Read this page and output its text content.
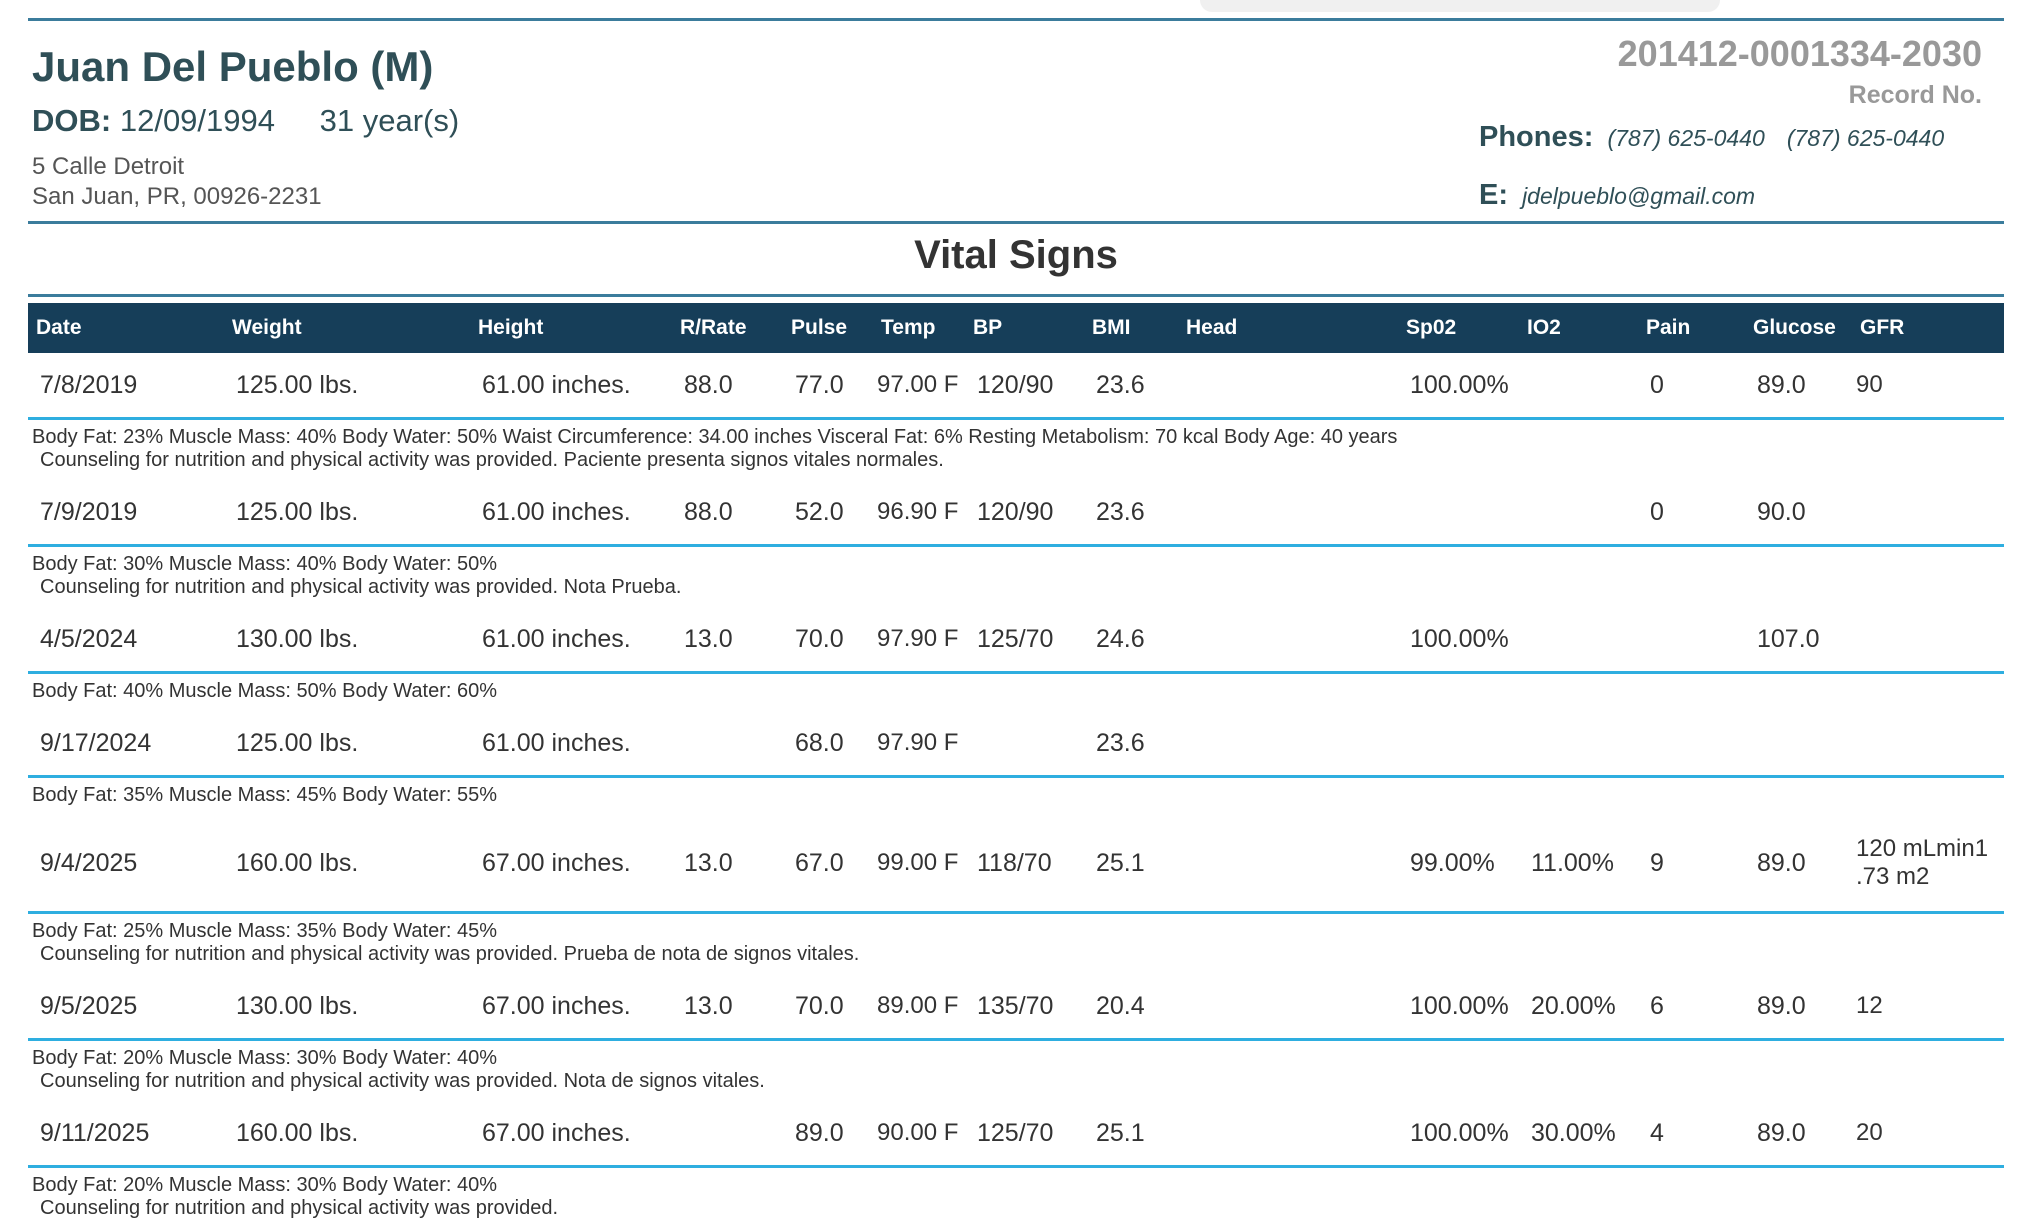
Juan Del Pueblo (M)
DOB: 12/09/1994 31 year(s)
5 Calle Detroit
San Juan, PR, 00926-2231
201412-0001334-2030
Record No.
Phones: (787) 625-0440 (787) 625-0440
E: jdelpueblo@gmail.com
Vital Signs
Date	Weight	Height	R/Rate	Pulse	Temp	BP	BMI	Head	Sp02	IO2	Pain	Glucose	GFR
7/8/2019	125.00 lbs.	61.00 inches.	88.0	77.0	97.00 F	120/90	23.6		100.00%		0	89.0	90

Body Fat: 23% Muscle Mass: 40% Body Water: 50% Waist Circumference: 34.00 inches Visceral Fat: 6% Resting Metabolism: 70 kcal Body Age: 40 years
Counseling for nutrition and physical activity was provided. Paciente presenta signos vitales normales.													

7/9/2019	125.00 lbs.	61.00 inches.	88.0	52.0	96.90 F	120/90	23.6				0	90.0	

Body Fat: 30% Muscle Mass: 40% Body Water: 50%
Counseling for nutrition and physical activity was provided. Nota Prueba.													

4/5/2024	130.00 lbs.	61.00 inches.	13.0	70.0	97.90 F	125/70	24.6		100.00%			107.0	

Body Fat: 40% Muscle Mass: 50% Body Water: 60%													

9/17/2024	125.00 lbs.	61.00 inches.		68.0	97.90 F		23.6						

Body Fat: 35% Muscle Mass: 45% Body Water: 55%													

9/4/2025	160.00 lbs.	67.00 inches.	13.0	67.0	99.00 F	118/70	25.1		99.00%	11.00%	9	89.0	120 mLmin1 .73 m2

Body Fat: 25% Muscle Mass: 35% Body Water: 45%
Counseling for nutrition and physical activity was provided. Prueba de nota de signos vitales.													

9/5/2025	130.00 lbs.	67.00 inches.	13.0	70.0	89.00 F	135/70	20.4		100.00%	20.00%	6	89.0	12

Body Fat: 20% Muscle Mass: 30% Body Water: 40%
Counseling for nutrition and physical activity was provided. Nota de signos vitales.													

9/11/2025	160.00 lbs.	67.00 inches.		89.0	90.00 F	125/70	25.1		100.00%	30.00%	4	89.0	20

Body Fat: 20% Muscle Mass: 30% Body Water: 40%
Counseling for nutrition and physical activity was provided.													
